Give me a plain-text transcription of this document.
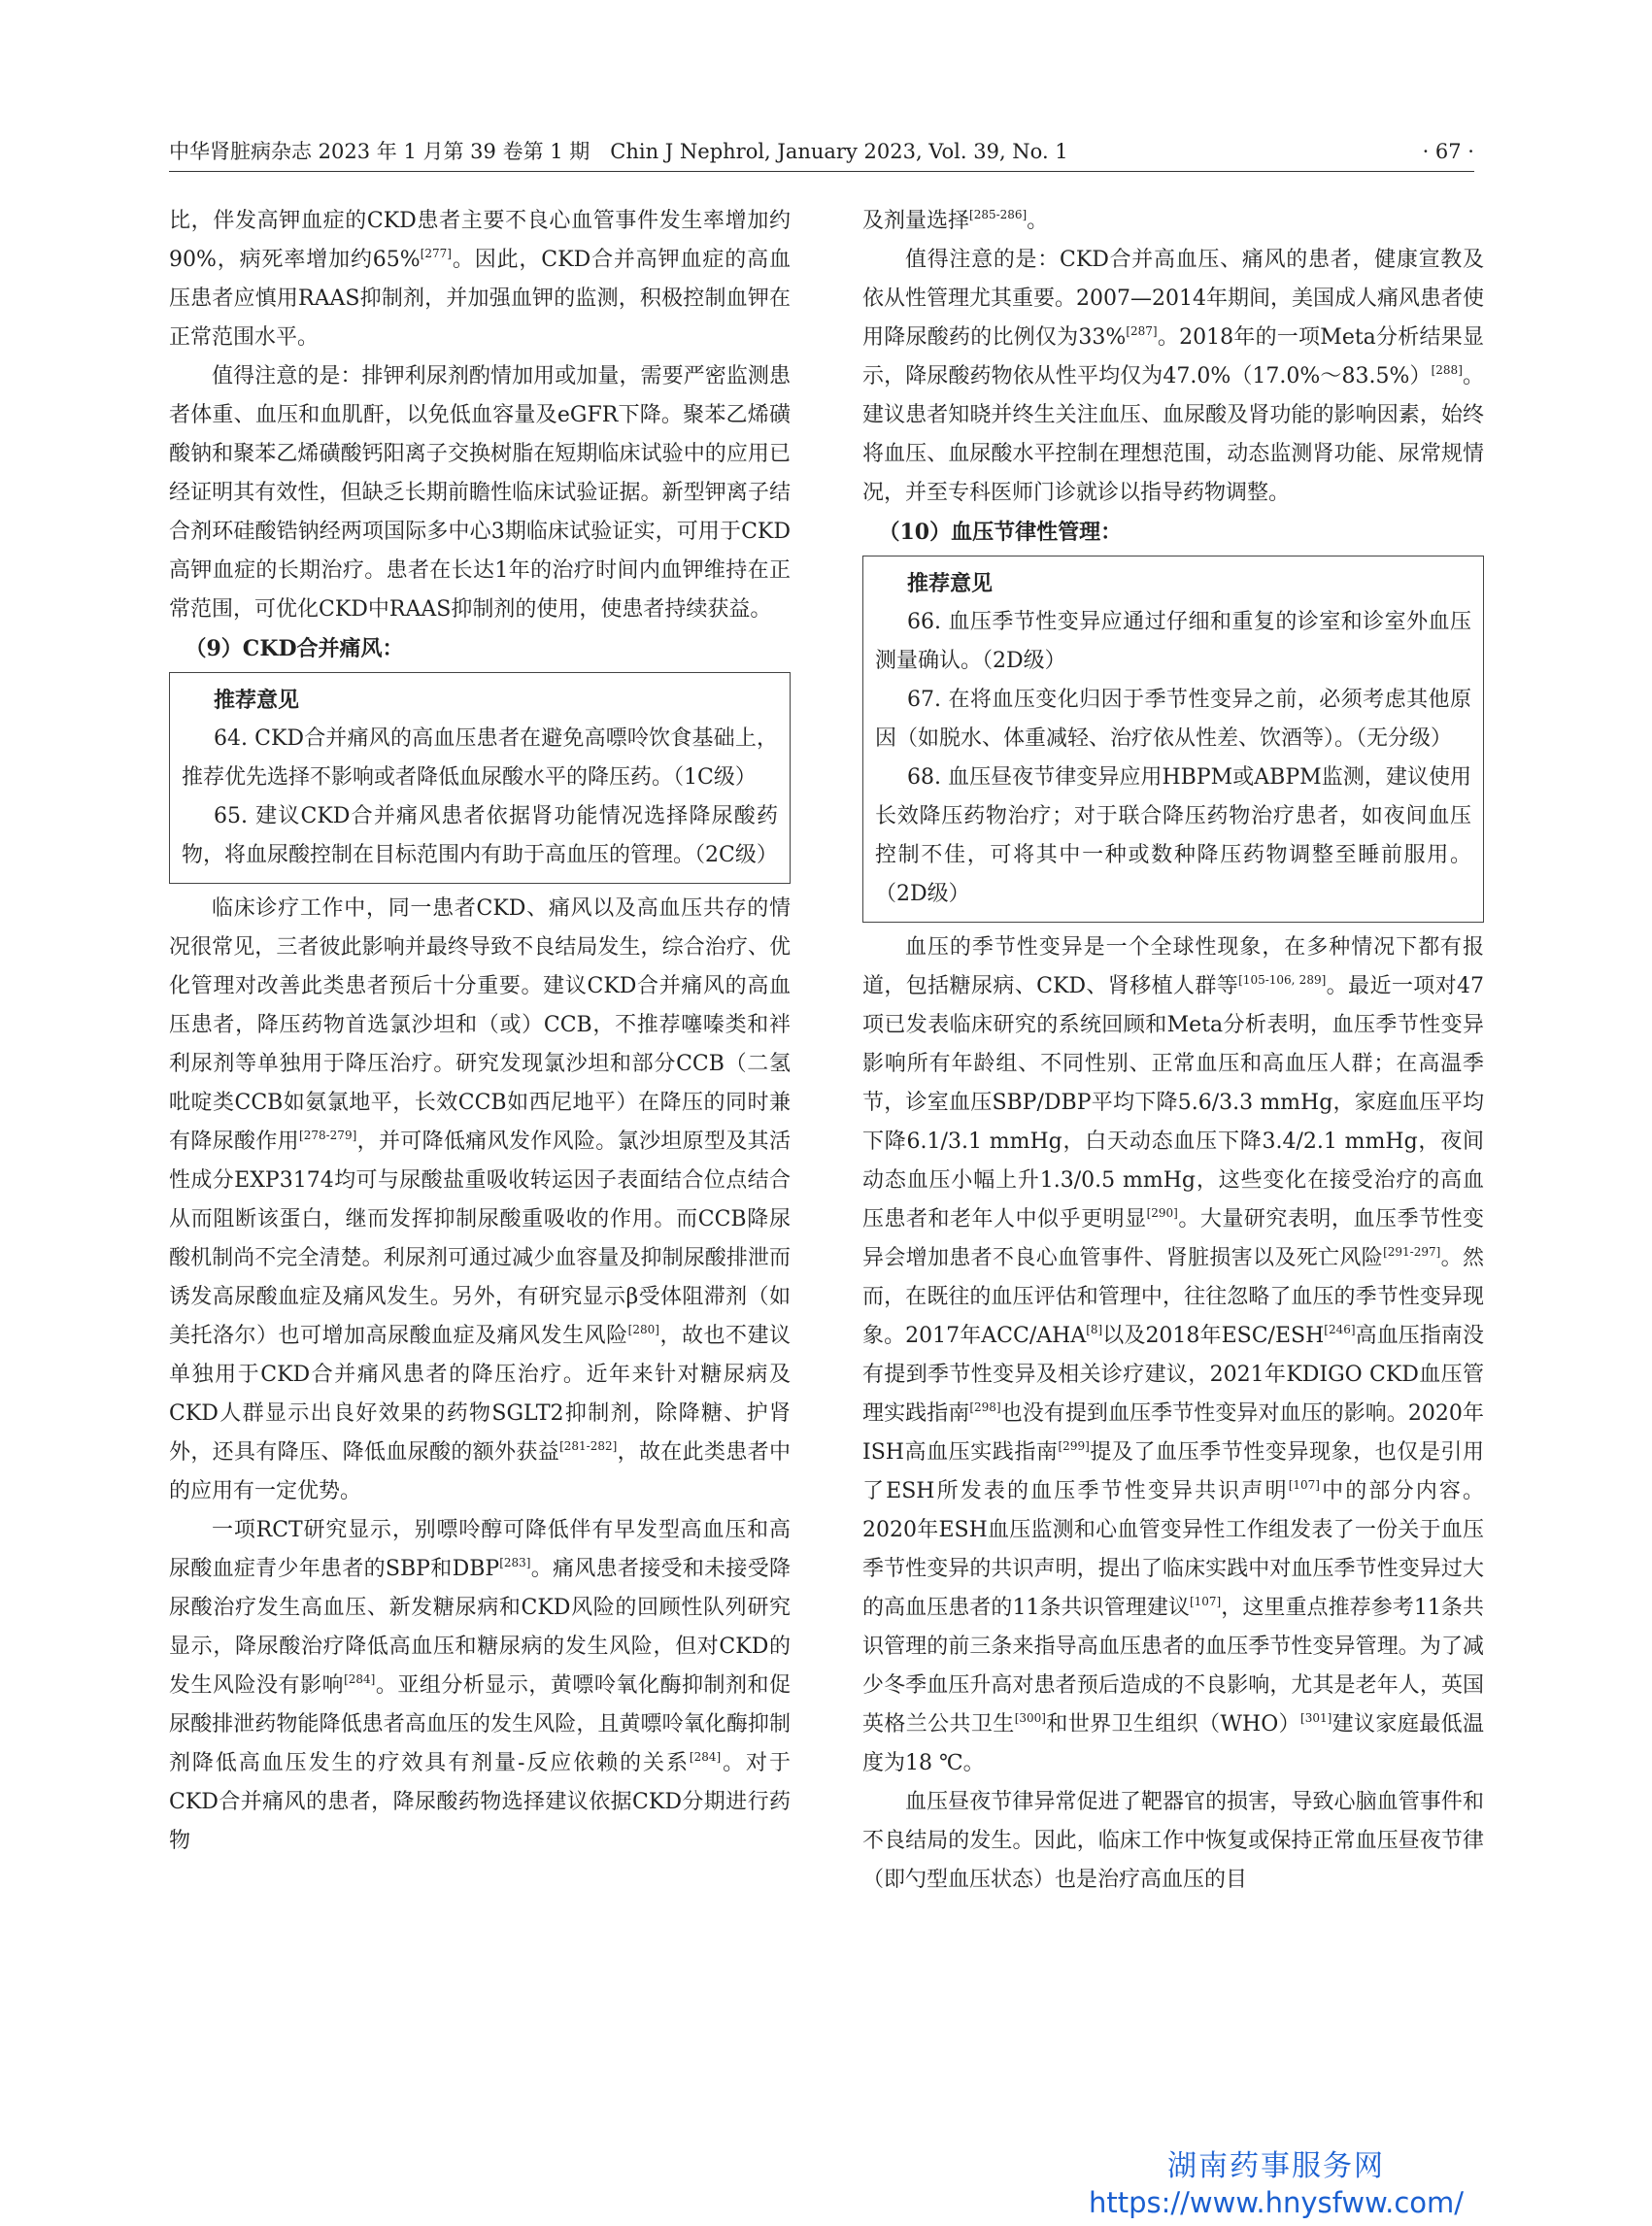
中华肾脏病杂志 2023 年 1 月第 39 卷第 1 期　Chin J Nephrol, January 2023, Vol. 39, No. 1	· 67 ·

比，伴发高钾血症的CKD患者主要不良心血管事件发生率增加约90%，病死率增加约65%[277]。因此，CKD合并高钾血症的高血压患者应慎用RAAS抑制剂，并加强血钾的监测，积极控制血钾在正常范围水平。

值得注意的是：排钾利尿剂酌情加用或加量，需要严密监测患者体重、血压和血肌酐，以免低血容量及eGFR下降。聚苯乙烯磺酸钠和聚苯乙烯磺酸钙阳离子交换树脂在短期临床试验中的应用已经证明其有效性，但缺乏长期前瞻性临床试验证据。新型钾离子结合剂环硅酸锆钠经两项国际多中心3期临床试验证实，可用于CKD高钾血症的长期治疗。患者在长达1年的治疗时间内血钾维持在正常范围，可优化CKD中RAAS抑制剂的使用，使患者持续获益。

（9）CKD合并痛风：

推荐意见

64. CKD合并痛风的高血压患者在避免高嘌呤饮食基础上，推荐优先选择不影响或者降低血尿酸水平的降压药。（1C级）

65. 建议CKD合并痛风患者依据肾功能情况选择降尿酸药物，将血尿酸控制在目标范围内有助于高血压的管理。（2C级）

临床诊疗工作中，同一患者CKD、痛风以及高血压共存的情况很常见，三者彼此影响并最终导致不良结局发生，综合治疗、优化管理对改善此类患者预后十分重要。建议CKD合并痛风的高血压患者，降压药物首选氯沙坦和（或）CCB，不推荐噻嗪类和袢利尿剂等单独用于降压治疗。研究发现氯沙坦和部分CCB（二氢吡啶类CCB如氨氯地平，长效CCB如西尼地平）在降压的同时兼有降尿酸作用[278-279]，并可降低痛风发作风险。氯沙坦原型及其活性成分EXP3174均可与尿酸盐重吸收转运因子表面结合位点结合从而阻断该蛋白，继而发挥抑制尿酸重吸收的作用。而CCB降尿酸机制尚不完全清楚。利尿剂可通过减少血容量及抑制尿酸排泄而诱发高尿酸血症及痛风发生。另外，有研究显示β受体阻滞剂（如美托洛尔）也可增加高尿酸血症及痛风发生风险[280]，故也不建议单独用于CKD合并痛风患者的降压治疗。近年来针对糖尿病及CKD人群显示出良好效果的药物SGLT2抑制剂，除降糖、护肾外，还具有降压、降低血尿酸的额外获益[281-282]，故在此类患者中的应用有一定优势。

一项RCT研究显示，别嘌呤醇可降低伴有早发型高血压和高尿酸血症青少年患者的SBP和DBP[283]。痛风患者接受和未接受降尿酸治疗发生高血压、新发糖尿病和CKD风险的回顾性队列研究显示，降尿酸治疗降低高血压和糖尿病的发生风险，但对CKD的发生风险没有影响[284]。亚组分析显示，黄嘌呤氧化酶抑制剂和促尿酸排泄药物能降低患者高血压的发生风险，且黄嘌呤氧化酶抑制剂降低高血压发生的疗效具有剂量-反应依赖的关系[284]。对于CKD合并痛风的患者，降尿酸药物选择建议依据CKD分期进行药物

及剂量选择[285-286]。

值得注意的是：CKD合并高血压、痛风的患者，健康宣教及依从性管理尤其重要。2007—2014年期间，美国成人痛风患者使用降尿酸药的比例仅为33%[287]。2018年的一项Meta分析结果显示，降尿酸药物依从性平均仅为47.0%（17.0%～83.5%）[288]。建议患者知晓并终生关注血压、血尿酸及肾功能的影响因素，始终将血压、血尿酸水平控制在理想范围，动态监测肾功能、尿常规情况，并至专科医师门诊就诊以指导药物调整。

（10）血压节律性管理：

推荐意见

66. 血压季节性变异应通过仔细和重复的诊室和诊室外血压测量确认。（2D级）

67. 在将血压变化归因于季节性变异之前，必须考虑其他原因（如脱水、体重减轻、治疗依从性差、饮酒等）。（无分级）

68. 血压昼夜节律变异应用HBPM或ABPM监测，建议使用长效降压药物治疗；对于联合降压药物治疗患者，如夜间血压控制不佳，可将其中一种或数种降压药物调整至睡前服用。（2D级）

血压的季节性变异是一个全球性现象，在多种情况下都有报道，包括糖尿病、CKD、肾移植人群等[105-106, 289]。最近一项对47项已发表临床研究的系统回顾和Meta分析表明，血压季节性变异影响所有年龄组、不同性别、正常血压和高血压人群；在高温季节，诊室血压SBP/DBP平均下降5.6/3.3 mmHg，家庭血压平均下降6.1/3.1 mmHg，白天动态血压下降3.4/2.1 mmHg，夜间动态血压小幅上升1.3/0.5 mmHg，这些变化在接受治疗的高血压患者和老年人中似乎更明显[290]。大量研究表明，血压季节性变异会增加患者不良心血管事件、肾脏损害以及死亡风险[291-297]。然而，在既往的血压评估和管理中，往往忽略了血压的季节性变异现象。2017年ACC/AHA[8]以及2018年ESC/ESH[246]高血压指南没有提到季节性变异及相关诊疗建议，2021年KDIGO CKD血压管理实践指南[298]也没有提到血压季节性变异对血压的影响。2020年ISH高血压实践指南[299]提及了血压季节性变异现象，也仅是引用了ESH所发表的血压季节性变异共识声明[107]中的部分内容。2020年ESH血压监测和心血管变异性工作组发表了一份关于血压季节性变异的共识声明，提出了临床实践中对血压季节性变异过大的高血压患者的11条共识管理建议[107]，这里重点推荐参考11条共识管理的前三条来指导高血压患者的血压季节性变异管理。为了减少冬季血压升高对患者预后造成的不良影响，尤其是老年人，英国英格兰公共卫生[300]和世界卫生组织（WHO）[301]建议家庭最低温度为18 ℃。

血压昼夜节律异常促进了靶器官的损害，导致心脑血管事件和不良结局的发生。因此，临床工作中恢复或保持正常血压昼夜节律（即勺型血压状态）也是治疗高血压的目

湖南药事服务网
https://www.hnysfww.com/
